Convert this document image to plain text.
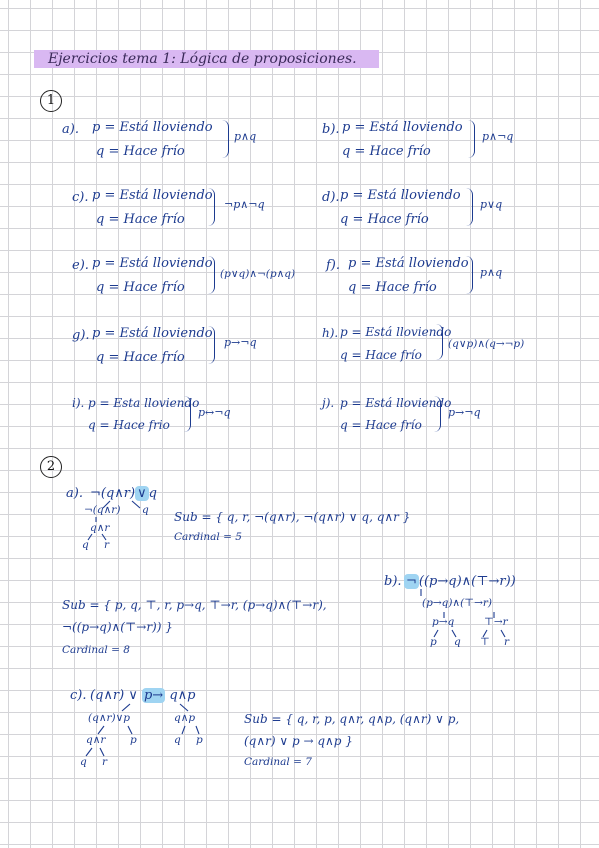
Ejercicios tema 1: Lógica de proposiciones.
1
a). p = Está lloviendo
q = Hace frío
p∧q	b). p = Está lloviendo
q = Hace frío
p∧¬q
c). p = Está lloviendo
q = Hace frío
¬p∧¬q	d). p = Está lloviendo
q = Hace frío
p∨q
e). p = Está lloviendo
q = Hace frío
(p∨q)∧¬(p∧q)
f). p = Está lloviendo
q = Hace frío
p∧q
g). p = Está lloviendo
q = Hace frío
p→¬q
h). p = Está lloviendo
q = Hace frío
(q∨p)∧(q→¬p)
i). p = Esta lloviendo
q = Hace frio
p↔¬q
j). p = Está lloviendo
q = Hace frío
p→¬q
2
a). ¬(q∧r) ∨ q
¬(q∧r) q
q∧r
q r
Sub = { q, r, ¬(q∧r), ¬(q∧r) ∨ q, q∧r }
Cardinal = 5
b). ¬ ((p→q)∧(⊤→r))
(p→q)∧(⊤→r)
p→q	⊤→r
p q ⊤ r
Sub = { p, q, ⊤, r, p→q, ⊤→r, (p→q)∧(⊤→r),
¬((p→q)∧(⊤→r)) }
Cardinal = 8
c). (q∧r) ∨ p→ q∧p
(q∧r)∨p	q∧p
q∧r p	q p
q r
Sub = { q, r, p, q∧r, q∧p, (q∧r) ∨ p,
(q∧r) ∨ p → q∧p }
Cardinal = 7
